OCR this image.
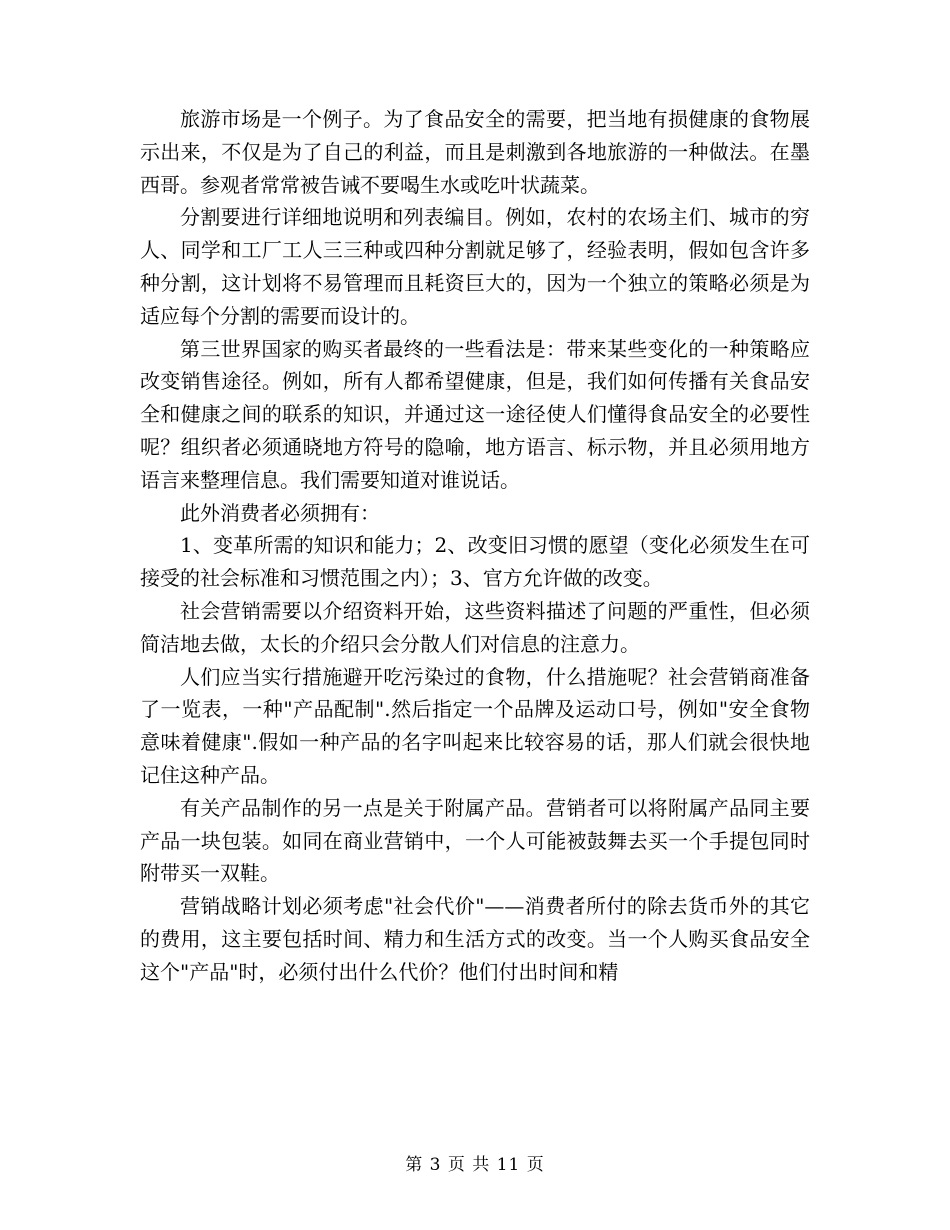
旅游市场是一个例子。为了食品安全的需要，把当地有损健康的食物展示出来，不仅是为了自己的利益，而且是刺激到各地旅游的一种做法。在墨西哥。参观者常常被告诫不要喝生水或吃叶状蔬菜。

分割要进行详细地说明和列表编目。例如，农村的农场主们、城市的穷人、同学和工厂工人三三种或四种分割就足够了，经验表明，假如包含许多种分割，这计划将不易管理而且耗资巨大的，因为一个独立的策略必须是为适应每个分割的需要而设计的。

第三世界国家的购买者最终的一些看法是：带来某些变化的一种策略应改变销售途径。例如，所有人都希望健康，但是，我们如何传播有关食品安全和健康之间的联系的知识，并通过这一途径使人们懂得食品安全的必要性呢？组织者必须通晓地方符号的隐喻，地方语言、标示物，并且必须用地方语言来整理信息。我们需要知道对谁说话。

此外消费者必须拥有：

1、变革所需的知识和能力；2、改变旧习惯的愿望（变化必须发生在可接受的社会标准和习惯范围之内）；3、官方允许做的改变。

社会营销需要以介绍资料开始，这些资料描述了问题的严重性，但必须简洁地去做，太长的介绍只会分散人们对信息的注意力。

人们应当实行措施避开吃污染过的食物，什么措施呢？社会营销商准备了一览表，一种"产品配制".然后指定一个品牌及运动口号，例如"安全食物意味着健康".假如一种产品的名字叫起来比较容易的话，那人们就会很快地记住这种产品。

有关产品制作的另一点是关于附属产品。营销者可以将附属产品同主要产品一块包装。如同在商业营销中，一个人可能被鼓舞去买一个手提包同时附带买一双鞋。

营销战略计划必须考虑"社会代价"——消费者所付的除去货币外的其它的费用，这主要包括时间、精力和生活方式的改变。当一个人购买食品安全这个"产品"时，必须付出什么代价？他们付出时间和精

第 3 页 共 11 页
